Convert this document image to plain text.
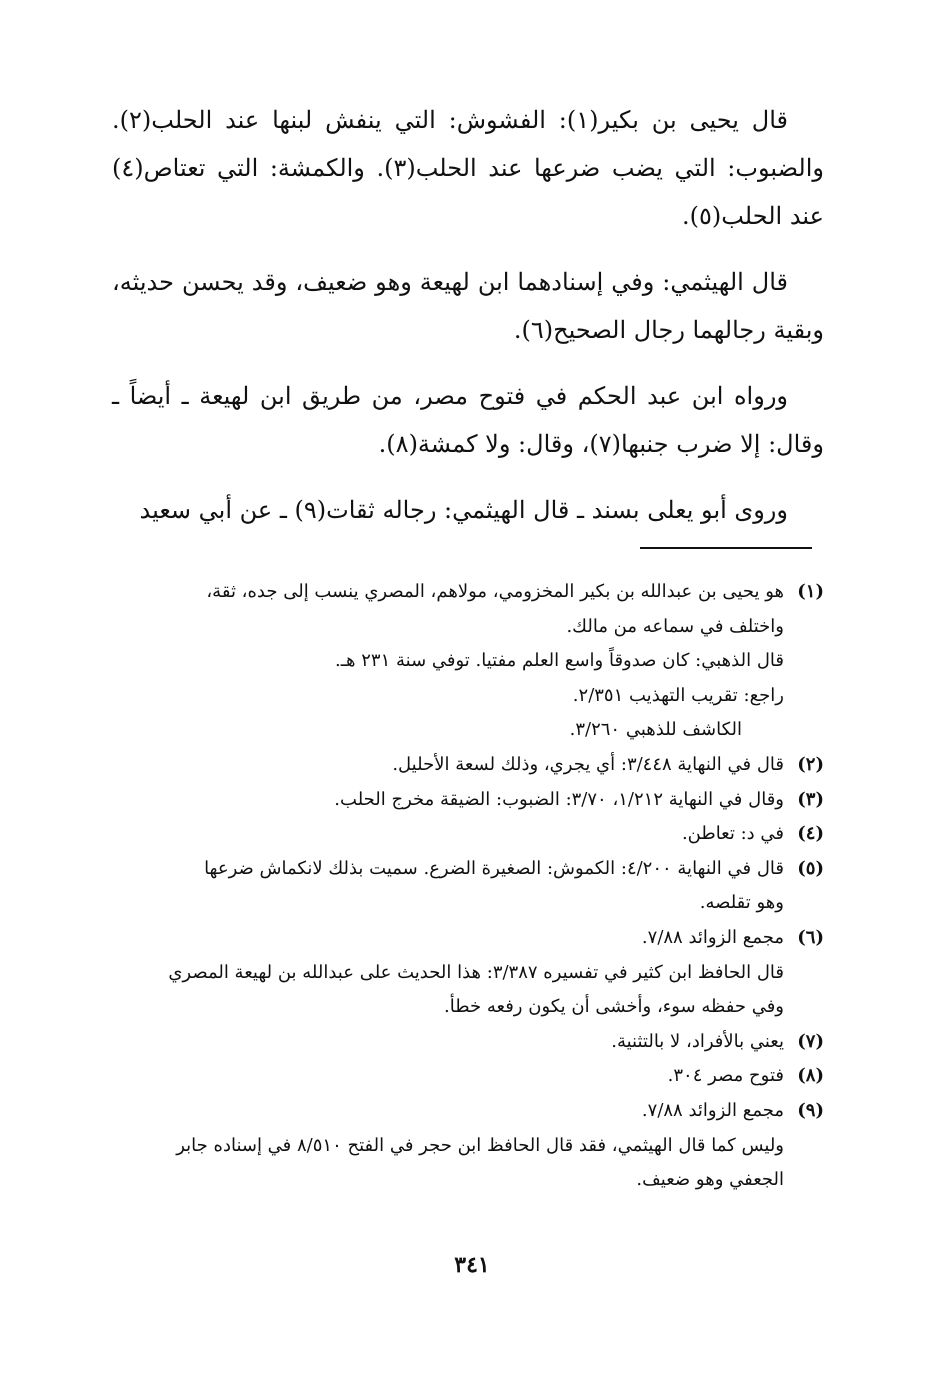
قال يحيى بن بكير(١): الفشوش: التي ينفش لبنها عند الحلب(٢). والضبوب: التي يضب ضرعها عند الحلب(٣). والكمشة: التي تعتاص(٤) عند الحلب(٥).

قال الهيثمي: وفي إسنادهما ابن لهيعة وهو ضعيف، وقد يحسن حديثه، وبقية رجالهما رجال الصحيح(٦).

ورواه ابن عبد الحكم في فتوح مصر، من طريق ابن لهيعة ـ أيضاً ـ وقال: إلا ضرب جنبها(٧)، وقال: ولا كمشة(٨).

وروى أبو يعلى بسند ـ قال الهيثمي: رجاله ثقات(٩) ـ عن أبي سعيد

(١)
هو يحيى بن عبدالله بن بكير المخزومي، مولاهم، المصري ينسب إلى جده، ثقة،
واختلف في سماعه من مالك.
قال الذهبي: كان صدوقاً واسع العلم مفتيا. توفي سنة ٢٣١ هـ.
راجع: تقريب التهذيب ٢/٣٥١.
الكاشف للذهبي ٣/٢٦٠.
(٢)
قال في النهاية ٣/٤٤٨: أي يجري، وذلك لسعة الأحليل.
(٣)
وقال في النهاية ١/٢١٢، ٣/٧٠: الضبوب: الضيقة مخرج الحلب.
(٤)
في د: تعاطن.
(٥)
قال في النهاية ٤/٢٠٠: الكموش: الصغيرة الضرع. سميت بذلك لانكماش ضرعها
وهو تقلصه.
(٦)
مجمع الزوائد ٧/٨٨.
قال الحافظ ابن كثير في تفسيره ٣/٣٨٧: هذا الحديث على عبدالله بن لهيعة المصري
وفي حفظه سوء، وأخشى أن يكون رفعه خطأ.
(٧)
يعني بالأفراد، لا بالتثنية.
(٨)
فتوح مصر ٣٠٤.
(٩)
مجمع الزوائد ٧/٨٨.
وليس كما قال الهيثمي، فقد قال الحافظ ابن حجر في الفتح ٨/٥١٠ في إسناده جابر
الجعفي وهو ضعيف.
٣٤١
